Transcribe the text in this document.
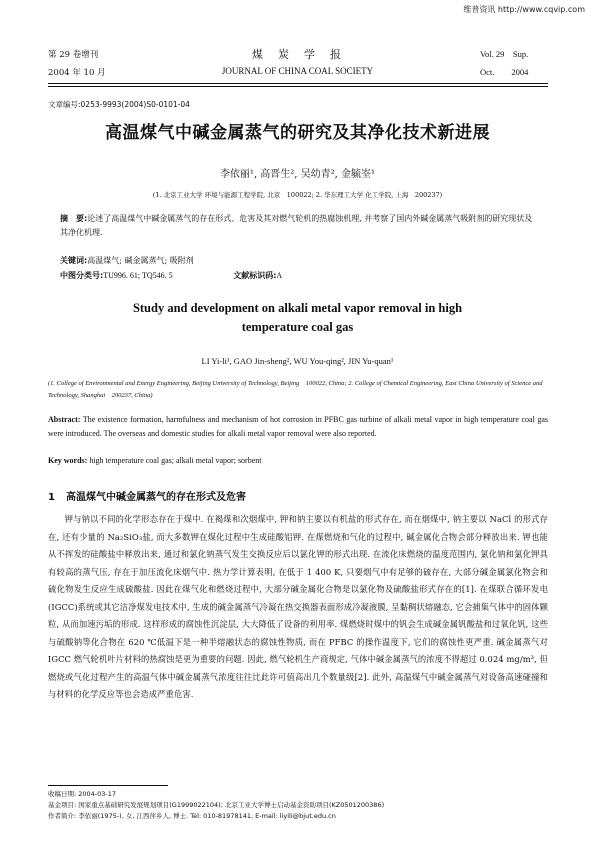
维普资讯 http://www.cqvip.com
第 29 卷增刊
2004 年 10 月
煤　炭　学　报
JOURNAL OF CHINA COAL SOCIETY
Vol. 29　Sup.
Oct.　　2004
文章编号:0253-9993(2004)S0-0101-04
高温煤气中碱金属蒸气的研究及其净化技术新进展
李依丽¹, 高晋生², 吴幼青², 金毓峑¹
(1. 北京工业大学 环境与能源工程学院, 北京　100022; 2. 华东理工大学 化工学院, 上海　200237)
摘　要:论述了高温煤气中碱金属蒸气的存在形式、危害及其对燃气轮机的热腐蚀机理, 并考察了国内外碱金属蒸气吸附剂的研究现状及其净化机理.
关键词:高温煤气; 碱金属蒸气; 吸附剂
中图分类号:TU996. 61; TQ546. 5	文献标识码:A
Study and development on alkali metal vapor removal in high temperature coal gas
LI Yi-li¹, GAO Jin-sheng², WU You-qing², JIN Yu-quan¹
(1. College of Environmental and Energy Engineering, Beijing University of Technology, Beijing　100022, China; 2. College of Chemical Engineering, East China University of Science and Technology, Shanghai　200237, China)
Abstract: The existence formation, harmfulness and mechanism of hot corrosion in PFBC gas turbine of alkali metal vapor in high temperature coal gas were introduced. The overseas and domestic studies for alkali metal vapor removal were also reported.
Key words: high temperature coal gas; alkali metal vapor; sorbent
1 高温煤气中碱金属蒸气的存在形式及危害
钾与钠以不同的化学形态存在于煤中. 在褐煤和次烟煤中, 钾和钠主要以有机盐的形式存在, 而在烟煤中, 钠主要以 NaCl 的形式存在, 还有少量的 Na₂SiO₃盐, 而大多数钾在煤化过程中生成硅酸铝钾. 在煤燃烧和气化的过程中, 碱金属化合物会部分释放出来. 钾也能从不挥发的硅酸盐中释放出来, 通过和氯化钠蒸气发生交换反应后以氯化钾的形式出现. 在流化床燃烧的温度范围内, 氯化钠和氯化钾具有较高的蒸气压, 存在于加压流化床烟气中. 热力学计算表明, 在低于 1 400 K, 只要烟气中有足够的硫存在, 大部分碱金属氯化物会和硫化物发生反应生成硫酸盐. 因此在煤气化和燃烧过程中, 大部分碱金属化合物是以氯化物及硫酸盐形式存在的[1]. 在煤联合循环发电(IGCC)系统或其它洁净煤发电技术中, 生成的碱金属蒸气冷凝在热交换器表面形成冷凝液膜, 呈黏稠状熔融态, 它会捕集气体中的固体颗粒, 从而加速污垢的形成. 这样形成的腐蚀性沉淀层, 大大降低了设备的利用率. 煤燃烧时煤中的钒会生成碱金属钒酸盐和过氧化钒, 这些与硫酸钠等化合物在 620 ℃低温下是一种半熔融状态的腐蚀性物质, 而在 PFBC 的操作温度下, 它们的腐蚀性更严重. 碱金属蒸气对 IGCC 燃气轮机叶片材料的热腐蚀是更为重要的问题. 因此, 燃气轮机生产商规定, 气体中碱金属蒸气的浓度不得超过 0.024 mg/m³, 但燃烧或气化过程产生的高温气体中碱金属蒸气浓度往往比此许可值高出几个数量级[2]. 此外, 高温煤气中碱金属蒸气对设备高速碰撞和与材料的化学反应等也会造成严重危害.
收稿日期: 2004-03-17
基金项目: 国家重点基础研究发展规划项目(G1999022104); 北京工业大学博士启动基金资助项目(KZ0501200386)
作者简介: 李依丽(1975-), 女, 江西萍乡人, 博士. Tel: 010-81978141, E-mail: liyili@bjut.edu.cn
